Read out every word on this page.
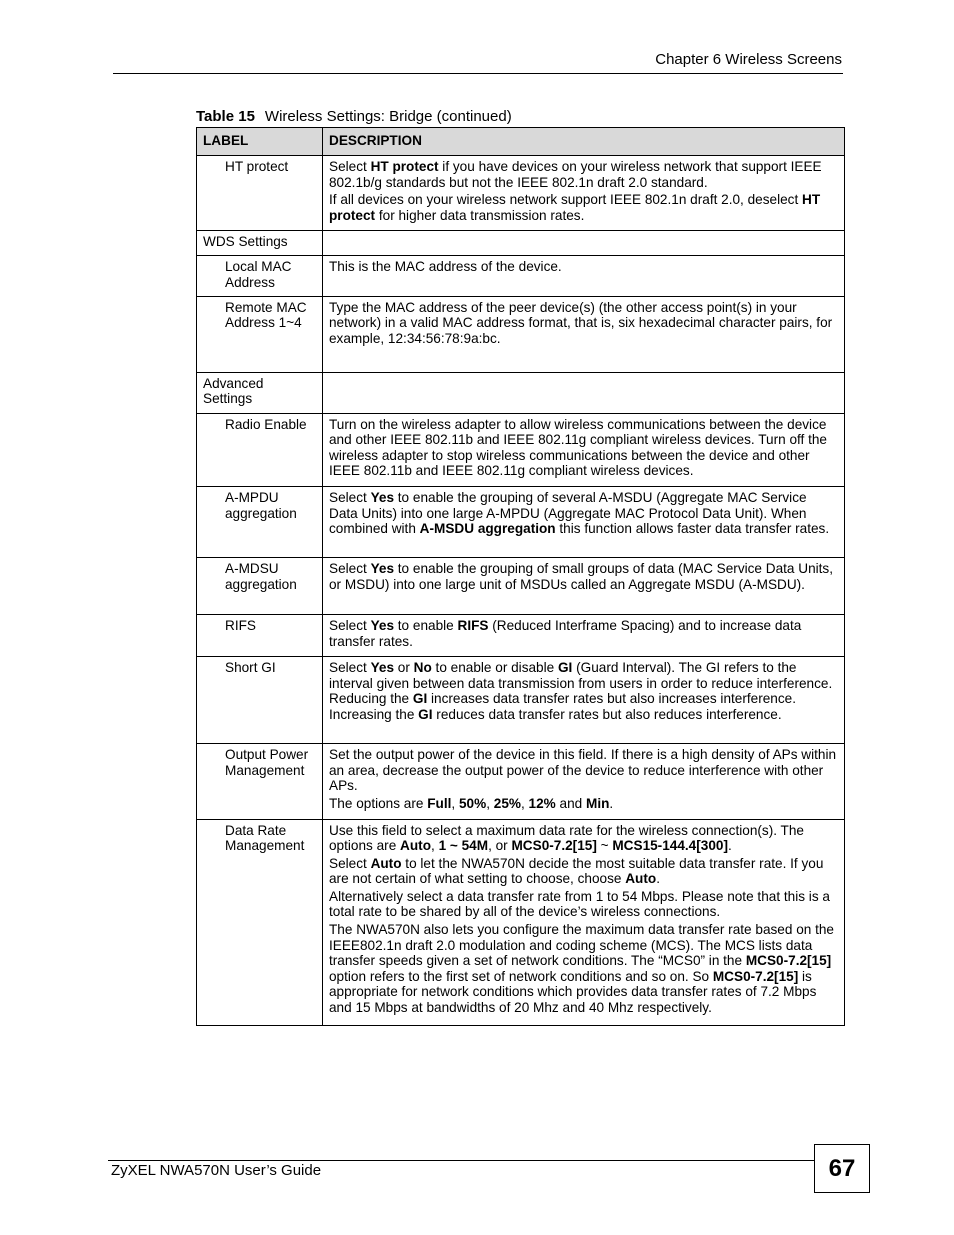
Chapter 6 Wireless Screens
Table 15 Wireless Settings: Bridge (continued)
LABEL	DESCRIPTION
HT protect	Select HT protect if you have devices on your wireless network that support IEEE 802.1b/g standards but not the IEEE 802.1n draft 2.0 standard.

If all devices on your wireless network support IEEE 802.1n draft 2.0, deselect HT protect for higher data transmission rates.

WDS Settings	
Local MAC Address	This is the MAC address of the device.

Remote MAC Address 1~4	Type the MAC address of the peer device(s) (the other access point(s) in your network) in a valid MAC address format, that is, six hexadecimal character pairs, for example, 12:34:56:78:9a:bc.

Advanced Settings	
Radio Enable	Turn on the wireless adapter to allow wireless communications between the device and other IEEE 802.11b and IEEE 802.11g compliant wireless devices. Turn off the wireless adapter to stop wireless communications between the device and other IEEE 802.11b and IEEE 802.11g compliant wireless devices.

A-MPDU aggregation	Select Yes to enable the grouping of several A-MSDU (Aggregate MAC Service Data Units) into one large A-MPDU (Aggregate MAC Protocol Data Unit). When combined with A-MSDU aggregation this function allows faster data transfer rates.

A-MDSU aggregation	Select Yes to enable the grouping of small groups of data (MAC Service Data Units, or MSDU) into one large unit of MSDUs called an Aggregate MSDU (A-MSDU).

RIFS	Select Yes to enable RIFS (Reduced Interframe Spacing) and to increase data transfer rates.

Short GI	Select Yes or No to enable or disable GI (Guard Interval). The GI refers to the interval given between data transmission from users in order to reduce interference. Reducing the GI increases data transfer rates but also increases interference. Increasing the GI reduces data transfer rates but also reduces interference.

Output Power Management	Set the output power of the device in this field. If there is a high density of APs within an area, decrease the output power of the device to reduce interference with other APs.

The options are Full, 50%, 25%, 12% and Min.

Data Rate Management	Use this field to select a maximum data rate for the wireless connection(s). The options are Auto, 1 ~ 54M, or MCS0-7.2[15] ~ MCS15-144.4[300].

Select Auto to let the NWA570N decide the most suitable data transfer rate. If you are not certain of what setting to choose, choose Auto.

Alternatively select a data transfer rate from 1 to 54 Mbps. Please note that this is a total rate to be shared by all of the device’s wireless connections.

The NWA570N also lets you configure the maximum data transfer rate based on the IEEE802.1n draft 2.0 modulation and coding scheme (MCS). The MCS lists data transfer speeds given a set of network conditions. The “MCS0” in the MCS0-7.2[15] option refers to the first set of network conditions and so on. So MCS0-7.2[15] is appropriate for network conditions which provides data transfer rates of 7.2 Mbps and 15 Mbps at bandwidths of 20 Mhz and 40 Mhz respectively.

ZyXEL NWA570N User’s Guide	67
